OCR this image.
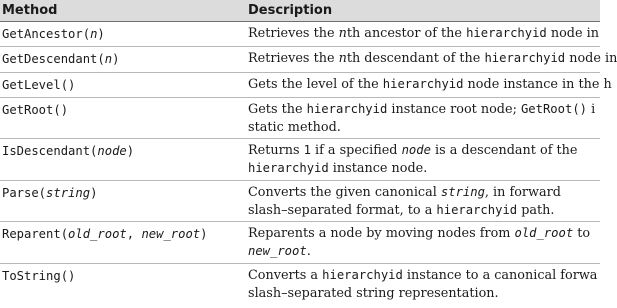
Method	Description
GetAncestor(n)	Retrieves the nth ancestor of the hierarchyid node in
GetDescendant(n)	Retrieves the nth descendant of the hierarchyid node in
GetLevel()	Gets the level of the hierarchyid node instance in the h
GetRoot()	Gets the hierarchyid instance root node; GetRoot() i
static method.
IsDescendant(node)	Returns 1 if a specified node is a descendant of the
hierarchyid instance node.
Parse(string)	Converts the given canonical string, in forward
slash–separated format, to a hierarchyid path.
Reparent(old_root, new_root)	Reparents a node by moving nodes from old_root to
new_root.
ToString()	Converts a hierarchyid instance to a canonical forwa
slash–separated string representation.
